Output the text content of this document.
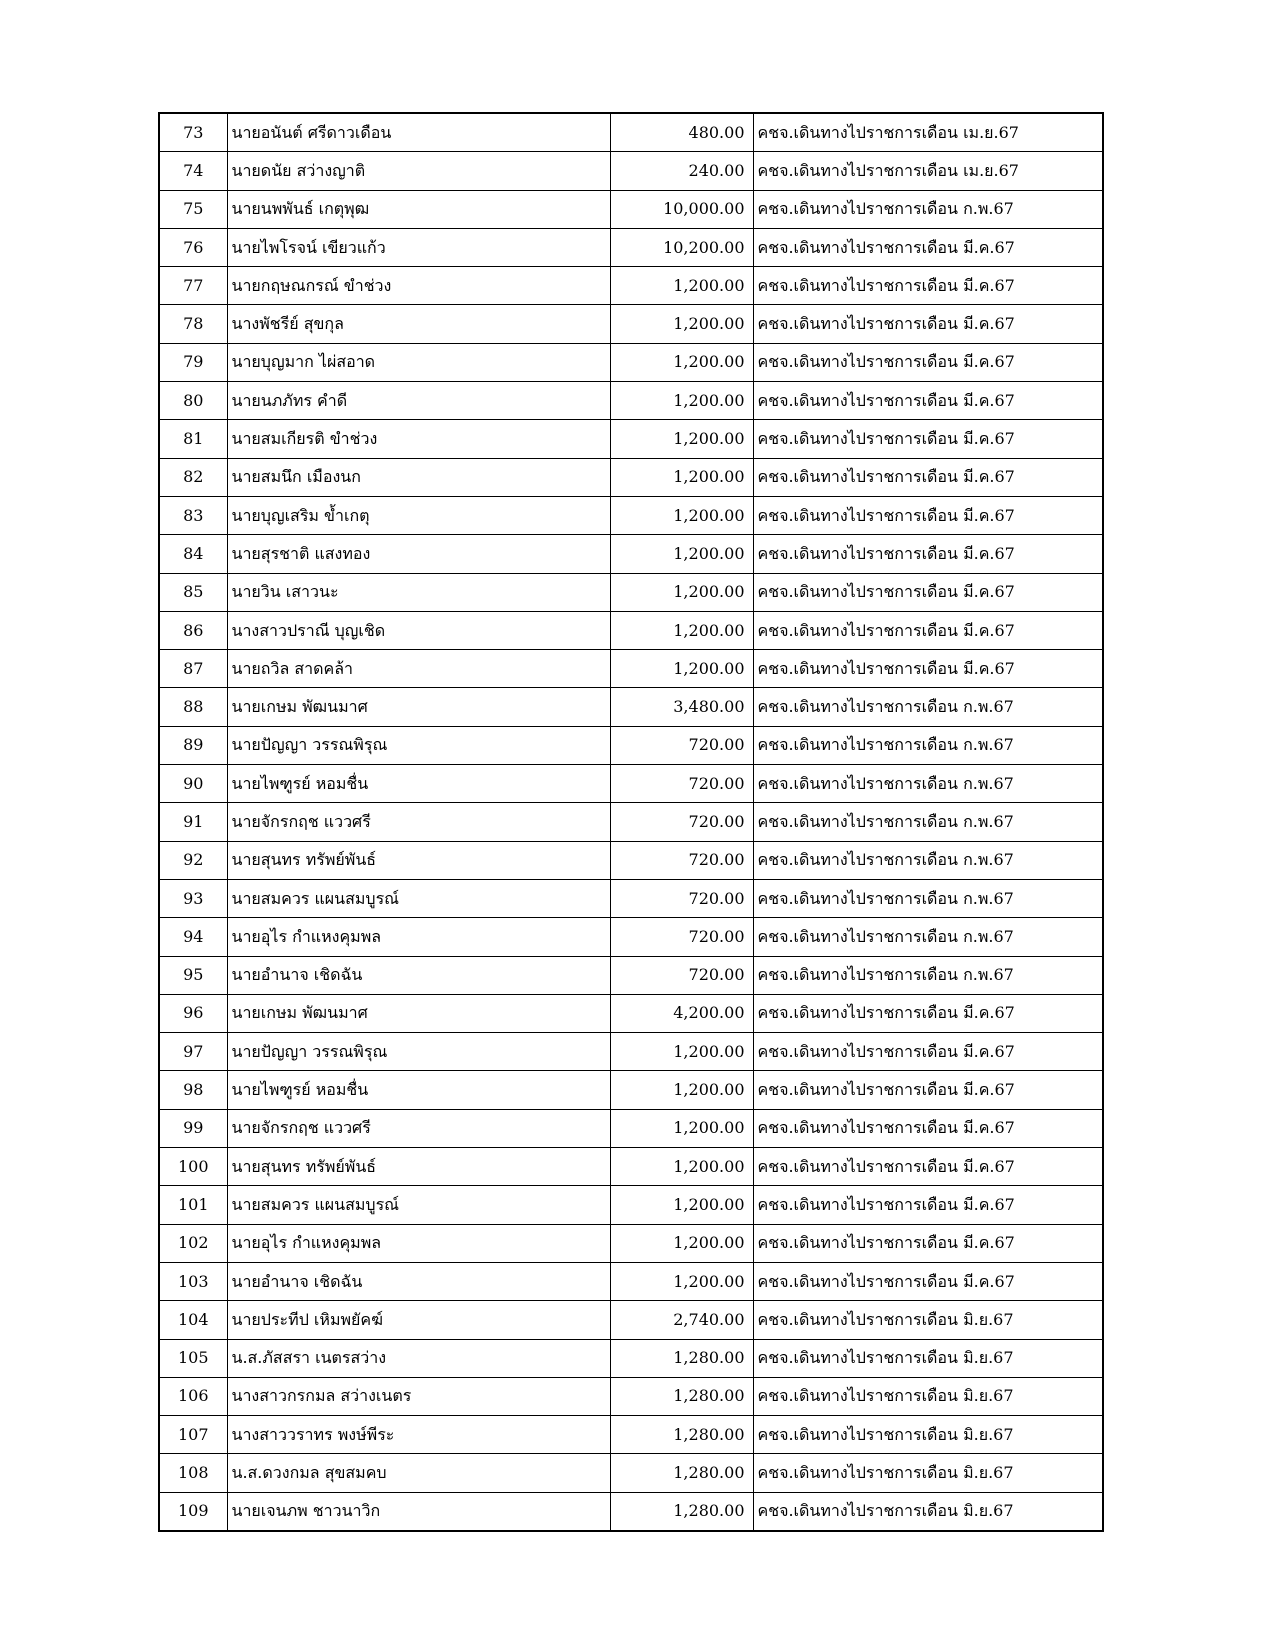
73	นายอนันต์ ศรีดาวเดือน	480.00	คชจ.เดินทางไปราชการเดือน เม.ย.67
74	นายดนัย สว่างญาติ	240.00	คชจ.เดินทางไปราชการเดือน เม.ย.67
75	นายนพพันธ์ เกตุพุฒ	10,000.00	คชจ.เดินทางไปราชการเดือน ก.พ.67
76	นายไพโรจน์ เขียวแก้ว	10,200.00	คชจ.เดินทางไปราชการเดือน มี.ค.67
77	นายกฤษณกรณ์ ขำช่วง	1,200.00	คชจ.เดินทางไปราชการเดือน มี.ค.67
78	นางพัชรีย์ สุขกุล	1,200.00	คชจ.เดินทางไปราชการเดือน มี.ค.67
79	นายบุญมาก ไผ่สอาด	1,200.00	คชจ.เดินทางไปราชการเดือน มี.ค.67
80	นายนภภัทร คำดี	1,200.00	คชจ.เดินทางไปราชการเดือน มี.ค.67
81	นายสมเกียรติ ขำช่วง	1,200.00	คชจ.เดินทางไปราชการเดือน มี.ค.67
82	นายสมนึก เมืองนก	1,200.00	คชจ.เดินทางไปราชการเดือน มี.ค.67
83	นายบุญเสริม ข้ำเกตุ	1,200.00	คชจ.เดินทางไปราชการเดือน มี.ค.67
84	นายสุรชาติ แสงทอง	1,200.00	คชจ.เดินทางไปราชการเดือน มี.ค.67
85	นายวิน เสาวนะ	1,200.00	คชจ.เดินทางไปราชการเดือน มี.ค.67
86	นางสาวปราณี บุญเชิด	1,200.00	คชจ.เดินทางไปราชการเดือน มี.ค.67
87	นายถวิล สาดคล้า	1,200.00	คชจ.เดินทางไปราชการเดือน มี.ค.67
88	นายเกษม พัฒนมาศ	3,480.00	คชจ.เดินทางไปราชการเดือน ก.พ.67
89	นายปัญญา วรรณพิรุณ	720.00	คชจ.เดินทางไปราชการเดือน ก.พ.67
90	นายไพฑูรย์ หอมชื่น	720.00	คชจ.เดินทางไปราชการเดือน ก.พ.67
91	นายจักรกฤช แววศรี	720.00	คชจ.เดินทางไปราชการเดือน ก.พ.67
92	นายสุนทร ทรัพย์พันธ์	720.00	คชจ.เดินทางไปราชการเดือน ก.พ.67
93	นายสมควร แผนสมบูรณ์	720.00	คชจ.เดินทางไปราชการเดือน ก.พ.67
94	นายอุไร กำแหงคุมพล	720.00	คชจ.เดินทางไปราชการเดือน ก.พ.67
95	นายอำนาจ เชิดฉัน	720.00	คชจ.เดินทางไปราชการเดือน ก.พ.67
96	นายเกษม พัฒนมาศ	4,200.00	คชจ.เดินทางไปราชการเดือน มี.ค.67
97	นายปัญญา วรรณพิรุณ	1,200.00	คชจ.เดินทางไปราชการเดือน มี.ค.67
98	นายไพฑูรย์ หอมชื่น	1,200.00	คชจ.เดินทางไปราชการเดือน มี.ค.67
99	นายจักรกฤช แววศรี	1,200.00	คชจ.เดินทางไปราชการเดือน มี.ค.67
100	นายสุนทร ทรัพย์พันธ์	1,200.00	คชจ.เดินทางไปราชการเดือน มี.ค.67
101	นายสมควร แผนสมบูรณ์	1,200.00	คชจ.เดินทางไปราชการเดือน มี.ค.67
102	นายอุไร กำแหงคุมพล	1,200.00	คชจ.เดินทางไปราชการเดือน มี.ค.67
103	นายอำนาจ เชิดฉัน	1,200.00	คชจ.เดินทางไปราชการเดือน มี.ค.67
104	นายประทีป เหิมพยัคฆ์	2,740.00	คชจ.เดินทางไปราชการเดือน มิ.ย.67
105	น.ส.ภัสสรา เนตรสว่าง	1,280.00	คชจ.เดินทางไปราชการเดือน มิ.ย.67
106	นางสาวกรกมล สว่างเนตร	1,280.00	คชจ.เดินทางไปราชการเดือน มิ.ย.67
107	นางสาววราทร พงษ์พีระ	1,280.00	คชจ.เดินทางไปราชการเดือน มิ.ย.67
108	น.ส.ดวงกมล สุขสมคบ	1,280.00	คชจ.เดินทางไปราชการเดือน มิ.ย.67
109	นายเจนภพ ชาวนาวิก	1,280.00	คชจ.เดินทางไปราชการเดือน มิ.ย.67
